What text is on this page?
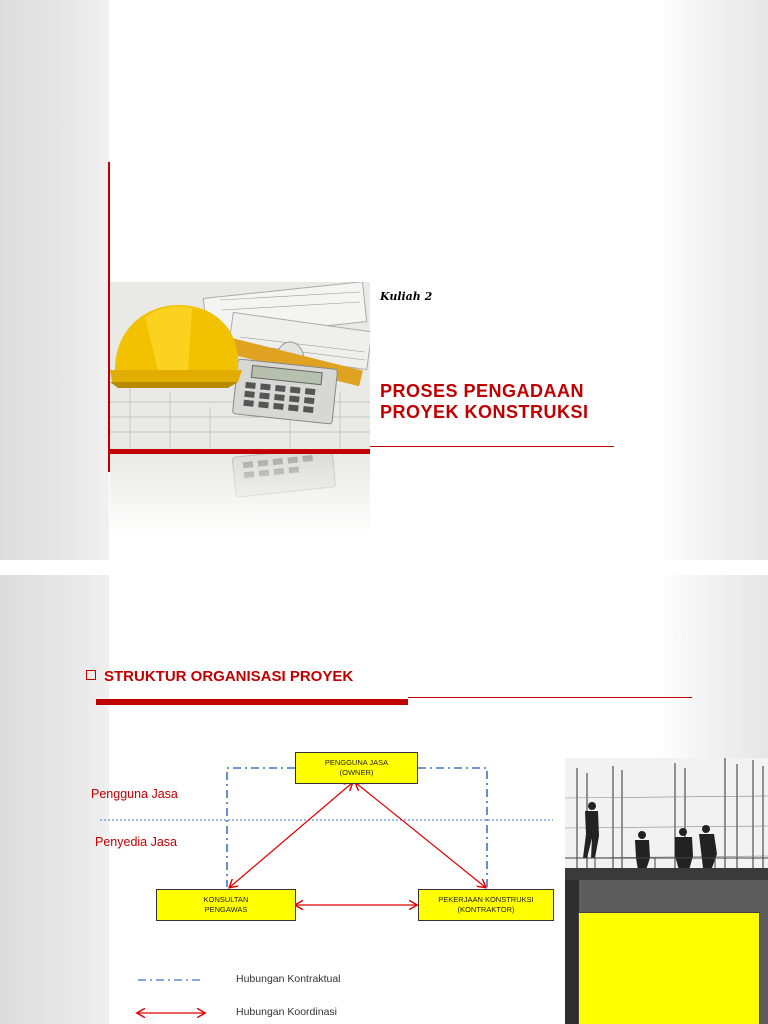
Kuliah 2
PROSES PENGADAAN
PROYEK KONSTRUKSI
STRUKTUR ORGANISASI PROYEK
Pengguna Jasa
Penyedia Jasa
PENGGUNA JASA
(OWNER)
KONSULTAN
PENGAWAS
PEKERJAAN KONSTRUKSI
(KONTRAKTOR)
Hubungan Kontraktual
Hubungan Koordinasi
